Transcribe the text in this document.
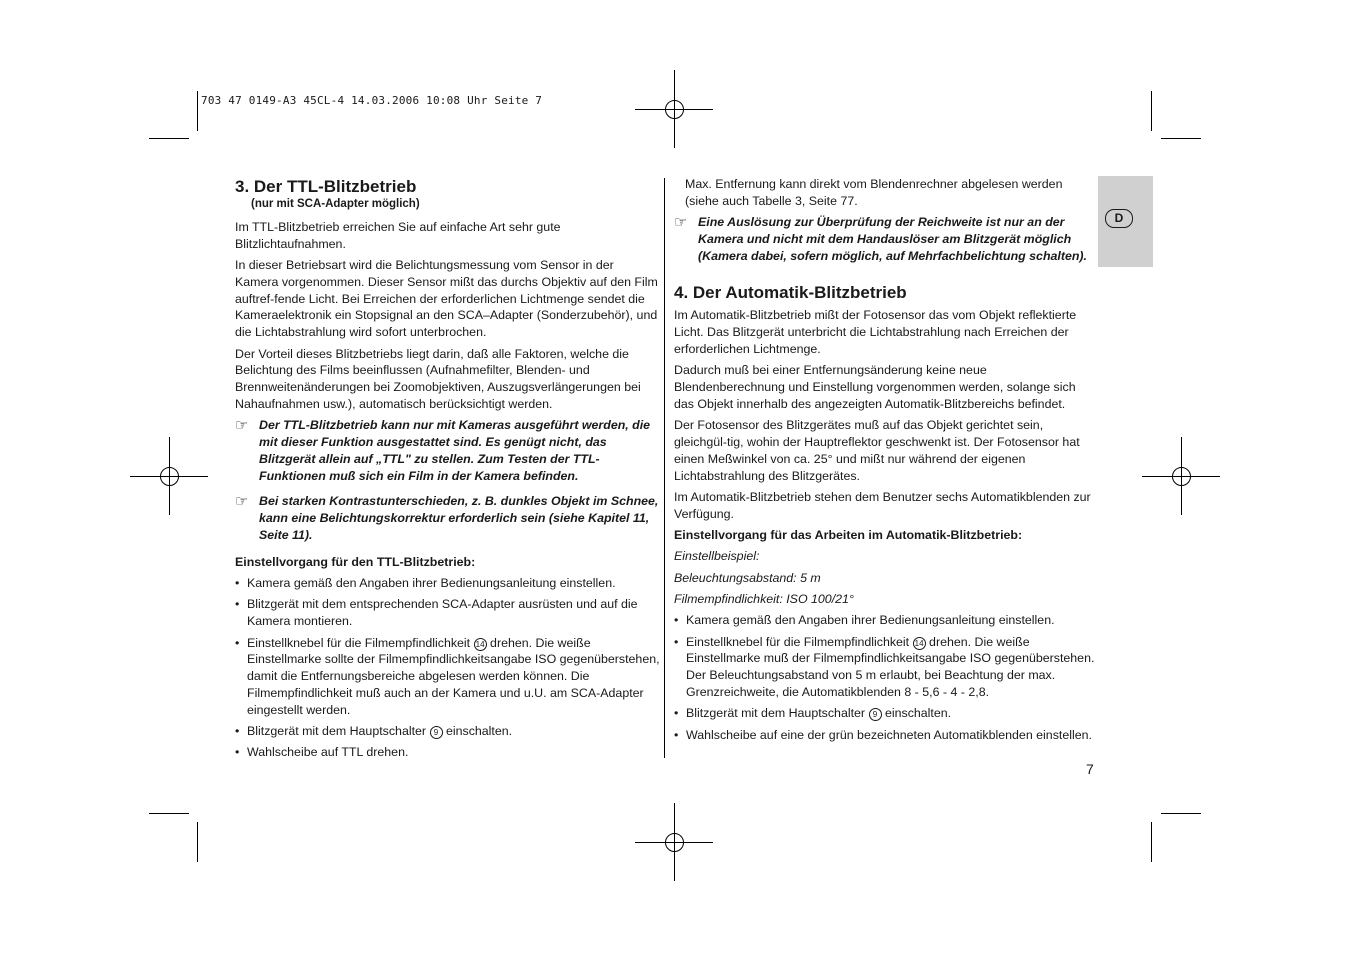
703 47 0149-A3 45CL-4 14.03.2006 10:08 Uhr Seite 7
D
3. Der TTL-Blitzbetrieb
(nur mit SCA-Adapter möglich)

Im TTL-Blitzbetrieb erreichen Sie auf einfache Art sehr gute Blitzlichtaufnahmen.

In dieser Betriebsart wird die Belichtungsmessung vom Sensor in der Kamera vorgenommen. Dieser Sensor mißt das durchs Objektiv auf den Film auftref-fende Licht. Bei Erreichen der erforderlichen Lichtmenge sendet die Kameraelektronik ein Stopsignal an den SCA–Adapter (Sonderzubehör), und die Lichtabstrahlung wird sofort unterbrochen.

Der Vorteil dieses Blitzbetriebs liegt darin, daß alle Faktoren, welche die Belichtung des Films beeinflussen (Aufnahmefilter, Blenden- und Brennweitenänderungen bei Zoomobjektiven, Auszugsverlängerungen bei Nahaufnahmen usw.), automatisch berücksichtigt werden.

☞ Der TTL-Blitzbetrieb kann nur mit Kameras ausgeführt werden, die mit dieser Funktion ausgestattet sind. Es genügt nicht, das Blitzgerät allein auf „TTL" zu stellen. Zum Testen der TTL-Funktionen muß sich ein Film in der Kamera befinden.
☞ Bei starken Kontrastunterschieden, z. B. dunkles Objekt im Schnee, kann eine Belichtungskorrektur erforderlich sein (siehe Kapitel 11, Seite 11).
Einstellvorgang für den TTL-Blitzbetrieb:
• Kamera gemäß den Angaben ihrer Bedienungsanleitung einstellen.
• Blitzgerät mit dem entsprechenden SCA-Adapter ausrüsten und auf die Kamera montieren.
• Einstellknebel für die Filmempfindlichkeit 14 drehen. Die weiße Einstellmarke sollte der Filmempfindlichkeitsangabe ISO gegenüberstehen, damit die Entfernungsbereiche abgelesen werden können. Die Filmempfindlichkeit muß auch an der Kamera und u.U. am SCA-Adapter eingestellt werden.
• Blitzgerät mit dem Hauptschalter 9 einschalten.
• Wahlscheibe auf TTL drehen.

Max. Entfernung kann direkt vom Blendenrechner abgelesen werden (siehe auch Tabelle 3, Seite 77.

☞ Eine Auslösung zur Überprüfung der Reichweite ist nur an der Kamera und nicht mit dem Handauslöser am Blitzgerät möglich (Kamera dabei, sofern möglich, auf Mehrfachbelichtung schalten).
4. Der Automatik-Blitzbetrieb

Im Automatik-Blitzbetrieb mißt der Fotosensor das vom Objekt reflektierte Licht. Das Blitzgerät unterbricht die Lichtabstrahlung nach Erreichen der erforderlichen Lichtmenge.

Dadurch muß bei einer Entfernungsänderung keine neue Blendenberechnung und Einstellung vorgenommen werden, solange sich das Objekt innerhalb des angezeigten Automatik-Blitzbereichs befindet.

Der Fotosensor des Blitzgerätes muß auf das Objekt gerichtet sein, gleichgül-tig, wohin der Hauptreflektor geschwenkt ist. Der Fotosensor hat einen Meßwinkel von ca. 25° und mißt nur während der eigenen Lichtabstrahlung des Blitzgerätes.

Im Automatik-Blitzbetrieb stehen dem Benutzer sechs Automatikblenden zur Verfügung.

Einstellvorgang für das Arbeiten im Automatik-Blitzbetrieb:
Einstellbeispiel:
Beleuchtungsabstand: 5 m
Filmempfindlichkeit: ISO 100/21°
• Kamera gemäß den Angaben ihrer Bedienungsanleitung einstellen.
• Einstellknebel für die Filmempfindlichkeit 14 drehen. Die weiße Einstellmarke muß der Filmempfindlichkeitsangabe ISO gegenüberstehen. Der Beleuchtungsabstand von 5 m erlaubt, bei Beachtung der max. Grenzreichweite, die Automatikblenden 8 - 5,6 - 4 - 2,8.
• Blitzgerät mit dem Hauptschalter 9 einschalten.
• Wahlscheibe auf eine der grün bezeichneten Automatikblenden einstellen.
7
